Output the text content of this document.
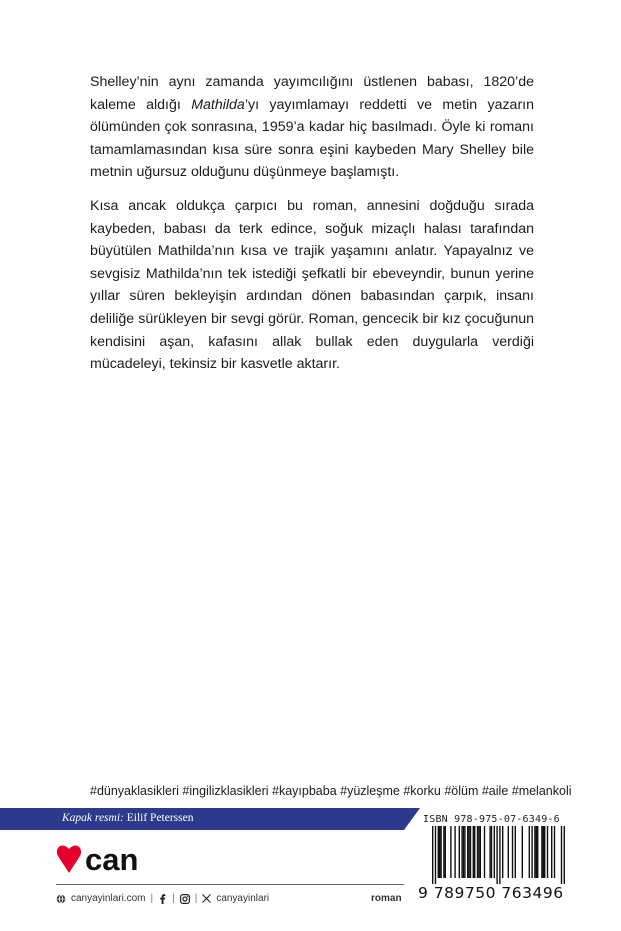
Shelley’nin aynı zamanda yayımcılığını üstlenen babası, 1820’de kaleme aldığı Mathilda’yı yayımlamayı reddetti ve metin yazarın ölümünden çok sonrasına, 1959’a kadar hiç basılmadı. Öyle ki romanı tamamlamasından kısa süre sonra eşini kaybeden Mary Shelley bile metnin uğursuz olduğunu düşünmeye başlamıştı.

Kısa ancak oldukça çarpıcı bu roman, annesini doğduğu sırada kaybeden, babası da terk edince, soğuk mizaçlı halası tarafından büyütülen Mathilda’nın kısa ve trajik yaşamını anlatır. Yapayalnız ve sevgisiz Mathilda’nın tek istediği şefkatli bir ebeveyndir, bunun yerine yıllar süren bekleyişin ardından dönen babasından çarpık, insanı deliliğe sürükleyen bir sevgi görür. Roman, gencecik bir kız çocuğunun kendisini aşan, kafasını allak bullak eden duygularla verdiği mücadeleyi, tekinsiz bir kasvetle aktarır.

#dünyaklasikleri #ingilizklasikleri #kayıpbaba #yüzleşme #korku #ölüm #aile #melankoli
Kapak resmi: Eilif Peterssen
can
canyayinlari.com | | | canyayinlari	roman
ISBN 978-975-07-6349-6
9 789750 763496
